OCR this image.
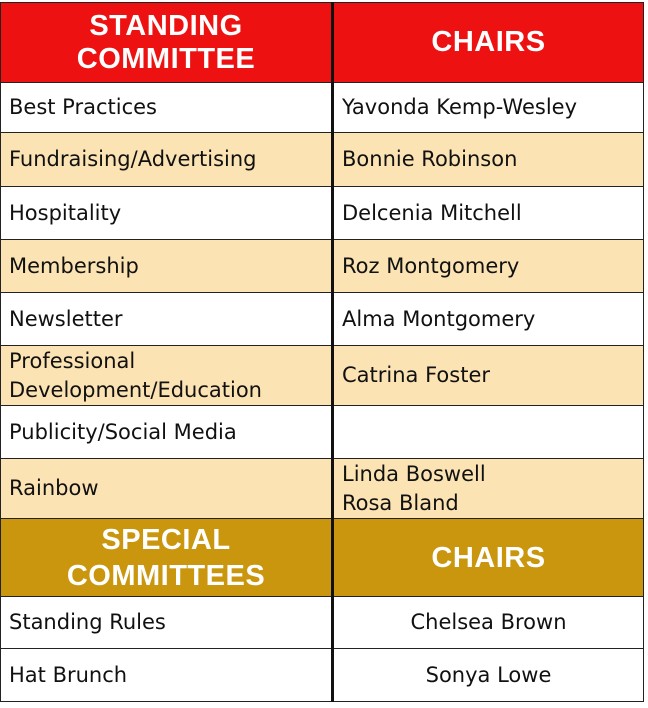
STANDING
COMMITTEE	CHAIRS
Best Practices	Yavonda Kemp-Wesley
Fundraising/Advertising	Bonnie Robinson
Hospitality	Delcenia Mitchell
Membership	Roz Montgomery
Newsletter	Alma Montgomery

Professional
Development/Education	Catrina Foster
Publicity/Social Media	
Rainbow	Linda Boswell
Rosa Bland

SPECIAL
COMMITTEES	CHAIRS
Standing Rules	Chelsea Brown
Hat Brunch	Sonya Lowe
